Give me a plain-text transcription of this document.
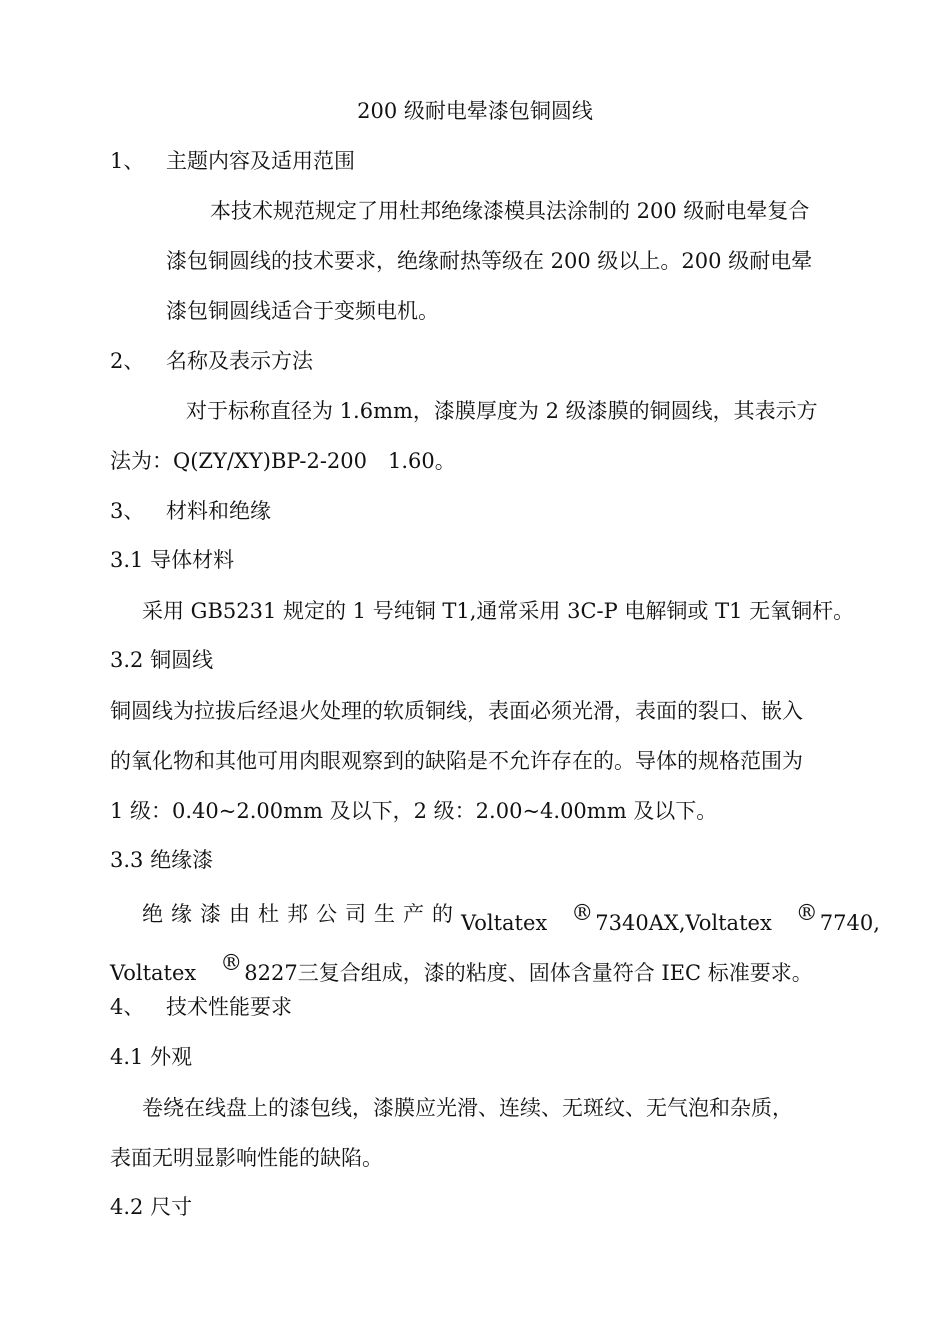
200 级耐电晕漆包铜圆线
1、 主题内容及适用范围
本技术规范规定了用杜邦绝缘漆模具法涂制的 200 级耐电晕复合
漆包铜圆线的技术要求，绝缘耐热等级在 200 级以上。200 级耐电晕
漆包铜圆线适合于变频电机。
2、 名称及表示方法
对于标称直径为 1.6mm，漆膜厚度为 2 级漆膜的铜圆线，其表示方
法为：Q(ZY/XY)BP-2-200　1.60。
3、 材料和绝缘
3.1 导体材料
采用 GB5231 规定的 1 号纯铜 T1,通常采用 3C-P 电解铜或 T1 无氧铜杆。
3.2 铜圆线
铜圆线为拉拔后经退火处理的软质铜线，表面必须光滑，表面的裂口、嵌入
的氧化物和其他可用肉眼观察到的缺陷是不允许存在的。导体的规格范围为
1 级：0.40~2.00mm 及以下，2 级：2.00~4.00mm 及以下。
3.3 绝缘漆
绝缘漆由杜邦公司生产的 Voltatex ®7340AX, Voltatex ®7740,
Voltatex ®8227三复合组成，漆的粘度、固体含量符合 IEC 标准要求。
4、 技术性能要求
4.1 外观
卷绕在线盘上的漆包线，漆膜应光滑、连续、无斑纹、无气泡和杂质，
表面无明显影响性能的缺陷。
4.2 尺寸
